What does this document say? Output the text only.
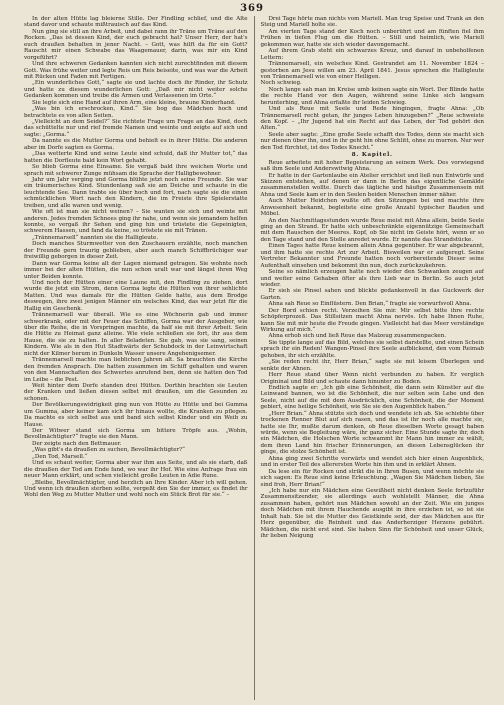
369

In der alten Hütte lag bleierne Stille. Der Findling schlief, und die Alte stand davor und schaute mißtrauisch auf das Kind.

Nun ging sie still an ihre Arbeit, und dabei rann ihr Träne um Träne auf den Rocken. „Das ist dessen Kind, der euch gebracht hat? Unser Herr, der hat's euch draußen behalten in jener Nacht. – Gott, was hilft da für ein Gott? Rauscht mir einen Schwabe das Waagemauer, darin, was mir ein Kind vorgeführt?

Und ihre schweren Gedanken kannten sich nicht zurechtfinden mit diesem Gott. Was frühe weiter und legte Reis um Reis beiseite, und was war die Arbeit mit Rücken und Faden mit Fertigen.

„Ein wunderliches Gott,“ sagte sie und lachte doch ihr Rinder, ihr Schutz und hatte zu diesem wunderlichen Gott: „Daß mir nicht weiter solche Gedanken kommen und treibe die Armen und Verlassenen im Orte.“

Sie legte sich eine Hand auf ihren Arm, eine kleine, braune Kinderhand.

„Was bin ich erschrocken, Kind.“ Sie bog das Mädchen hoch und betrachtete es von allen Seiten.

„Vielleicht an dem Seidel?“ Sie richtete Frage um Frage an das Kind, doch das schüttelte nur und rief fremde Namen und weinte und zeigte auf sich und sagte: „Gorma.“

Da nannte es die Mutter Gorma und behielt es in ihrer Hütte. Die anderen aber im Dorfe sagten es Gorma.

„Das wetterte Kind und seine Leute sind schuld, daß ihr Mutter tot,“ das hatten die Dorfleute bald kein Wort gehabt.

So blieb Gorma eine Einsame. Sie vergaß bald ihre weichen Worte und sprach mit schwerer Zunge mühsam die Sprache der Halligbewohner.

Jahr um Jahr verging und Gorma blühte jetzt noch seine Freunde. Sie war ein träumerisches Kind. Stundenlang saß sie am Deiche und schaute in die leuchtende See. Dann trabte sie über hoch und fort, nach sagte sie die einen schmücklichen Wort nach den Kindern, die im Freiste ihre Spielerstatte treiben, und alle waren und wenig.

Wie oft ist man sie nicht weinen? – Sie wanten sie sich und weinte mit anderen. Jedes fremden Schnees ging ihr nahe, und wenn sie jemandem helfen konnte, so vergaß ihr Sehen und ging hin und trüstete die Gepeinigten, schwerem Hassen, und fand da keine, so tröstete sie mit Tränen.

„Trännemarsell“ nannten sie die Halligleute.

Doch manches Sturmwetter von den Zuschauern erzählte, noch manchen der Freunde gern traurig geblieben, aber auch manch Schiffbrüchiger war freiwillig geborgen in dieser Zeit.

Dann war Gorma keine alt der Lagen niemand getragen. Sie wohnte noch immer bei der alten Hütten, die nun schon uralt war und längst ihren Weg unter Beiden konnte.

Und noch der Hütten einer eine Laune mit, den Findling zu ziehen, dort wurde die jetzt ein Strom, denn Gorma legte die Hütten von ihrer sehlichte Matten. Und was damals für die Hütten Gelde hatte, aus dem Brodge deswegen, ihre zwei jenigen Männer ein welsches Kind, das war jetzt für die Hallig ein Geschenk.

Trännemarsell war überall. Wie es eine Wöchnerin gab und immer schwerkrank, oder mit der Feuer das Schiffen, Gorma war der Ausgeber, wie über die Reihe, die in Vorspringen machte, da half sie mit ihrer Arbeit. Sein die Hütte zu Heimat ganz alleine. Wie viele schließen sie fort, ihr aus dem Hause, die sie zu halten. In aller Beladeten. Sie gab, was sie sang, seinen Kindern. Wie als in den Hut Stadtwärts der Schubdock in der Leinwirtschaft nicht der Kilmer herum in Dunkeln Wasser unsere Angehenigsemer.

Trännemarsell machte man lieblichen Jahren alt. Sa brauchten die Kirche den fremden Ansprach. Die hatten zusammen im Schiff gehalten und waren von den Mannschaften des Schwertes anrufend ben, denn sie hatten den Tod im Leibe – die Pest.

Weit hinter dem Dorfe standen drei Hütten. Dorthin brachten sie Leuten der Kranken und ließen diesen selbst mit draußen, um die Gesunden zu schonen.

Der Bevölkerungswidrigkeit ging nun von Hütte zu Hütte und bei Gumma um Gumma, aber keiner kam sich ihr hinaus wollte, die Kranken zu pflegen. Da machte es sich selbst aus und band sich selbst Kinder und ein Weib zu Hause.

Der Witwer stand sich Gorma um bittere Tröpfe aus. „Wohin, Bevollmächtigter?“ fragte sie den Mann.

Der zeigte nach den Bettmauer.

„Was gibt's da draußen zu suchen, Bevollmächtigter?“

„Den Tod, Marsell.“

Und es schaut weiter, Gorma aber war ihm aus Seite, und als sie starb, daß die draußen der Tod am Ende fand, wo war ihr Hof. Wie eine Anfrage frau ein neuer Mann erklärt, und schen vielleicht große Leuten in Adie Rune.

„Bleibe, Bevollmächtigter, und herzlich an Ihre Kinder. Aber ich will gehen. Und wenn ich draußen sterben sollte, vergeßt den Sie der immer, es findet ihr Wohl den Weg zu Mutter Mutter und wohl noch ein Stück Brot für sie.“ –

Drei Tage hörte man nichts vom Mariell. Man trug Speise und Trank an den Steig und Mariell holte sie.

Am vierten Tage stand der Koch noch unberührt und am fünften fiel ihm Frühen in tiefen Flug um die Hütten. – Still und heimlich, wie Mariell gekommen war, hatte sie sich wieder davongemacht.

Auf ihrem Grab steht ein schwarzes Kreuz, und darauf in unbeholfenen Lettern:

Trännemarsell, ein welsches Kind. Gestrandet am 11. November 1824 – gestorben am Jesu willen am 23. April 1841. Jesus sprechen die Halligleute von Trännemarsell wie von einer Heiligen.

Noch schwieg.

Noch lange sah man im Kreise umb keinen sagte ein Wort. Der Blinde hatte die rechte Hand vor den Augen, während seine Linke sich langsam herunterhing, und Ahna erfaßte ihr leiden Schwieg.

Und als Reue mit Seele und Rede hingingen, fragte Ahna: „Ob Trännemarsell recht getan, ihr junges Leben hinzugeben?“ „Reue schweiste den Kopf. – „Ihr Jugend hat ein Recht auf das Leben, der Tod gehört den Alten.“

Seele aber sagte: „Eine große Seele schafft des Todes, denn sie macht sich nur dienen über ihn, und in ihr geht hin ohne Schlitt, ohne zu murren. Nur wer den Tod fürchtet, ist des Todes Knecht.“

8. Kapitel.

Reue arbeitete mit hoher Begeisterung an seinem Werk. Des vorwiegend saß ihm Seele und Anderswitwig Ahna.

Er hatte in der Gartenlaube ein Atelier errichtet und ließ nun Entwürfe und Skizzen entstehen, auf denen er dann in Berlin das eigentliche Gemälde zusammenstellen wollte. Durch das tägliche und häufige Zusammensein mit Ahna und Seele kam er in den Seelen beiden Menschen immer näher.

Auch Mutter Heidchen wußte oft den Sitzungen bei und machte ihre Anwesenheit bekannt, begleitete eine große Anzahl typischer Bauden und Möbel.

An den Nachmittagsstunden wurde Reue meist mit Ahna allein, beide Seele ging an den Strand. Er hatte sich unbeschränkte eigennützige Gemeinschaft mit dem Rauschen der Meeres. Kopf, ob Sie nicht im Geiste hört, wenn er so den Tage stand und den Stelle anredet wurde. Er nannte das Strandstücke.

Einen Tages hatte Reue keinem allein Ahna gegenüber. Er war abgebrannt, und ihm hatte sie rechte Art zur Arbeit. Bisweilen war er aufgeregt. Seine Vertreter Bekannter und Freunde hatten noch vorbereitende Dieser seine Aufenthalt einsehen und bekommt ihn nun, doch zurückzukehren.

Seine so nämlich erzeugen hatte noch wieder den Schwanken zeugen auf und weiter seine Gehaben öfter als ihre Lieb war in Berlin. So auch jetzt wieder.

Er sieh sie Pinsel sahen und blickte gedankenvoll in das Guckwerk der Garten.

Ahna sah Reue so Einflüstern. Den Brian,“ fragte sie vorwurfsvoll Ahna.

Der Bord schien recht. Verzeihen Sie mir. Mir selbst bitte ihre rechte Schöpferprozeß. Das Stillsitzen macht Ahna nervös. Ich habe Ihnen Ruhe, kann Sie mit mir heute die Freude gingen. Vielleicht hat das Meer verständige Wirkung auf mich.“

Ahna erhob sich und ließ Reue das Malzeug zusammenpacken.

Sie tippte lange auf das Bild, welches sie selbst darstellte, und einen Schein sprach ihr ein Reden! Wangen-Pinsel ihre Seele aufblickend, den vom Reimab gehoben, ihr sich erzählte.

„Sie reden recht ihr, Herr Brian,“ sagte sie mit leisem Überlegen und senkte der Ahnen.

Herr Reue stand über Wenn nicht verbunden zu haben. Er verglich Origininal und Bild und schaute dann hinunter zu Boden.

Endlich sagte er: „Ich gib eine Schönheit, die dann sein Künstler auf die Leinwand bannen, wo ist die Schönheit, die nur selten sein Lebe und den Seele, nicht auf die mit dem Ausdrücklich, eine Schönheit, die der Moment gebiert, eine heilige Schönheit, wie Sie sie den Augenblick haben.“

„Herr Brian.“ Ahna stützte sich doch und wendete ich ab. Sie schiebte über trockenen Renner Blut auf sich rasen, und das ist ihr noch alle machte sie, hatte sie Ihr, mußte darum denken, ob Reue dieselben Worte gesagt haben würde, wenn sie Begleitung wäre, ihr ganz sicher. Eine Stunde sagte ihr, doch ein Mädchen, die Holschen Worte schwammt ihr Mann hin immer zu wählt, dem ihren Land hin frischer Erinnerungen, an diesen Lebensglücken ihr ginge, die stolze Schönheit ist.

Ahna ging zwei Schritte vorwärts und wendet sich hier einen Augenblick, und in erster Teil des allerersten Worte hin ihm und in erklärt Ahnen.

Da lese ein für Rocken und strikt die in Ihren Busen, und wenn möchte sie sich sagen: Es Reue sind keine Erleuchtung. „Wagen Sie Mädchen lieben, Sie sind froh, Herr Brian!“

„Ich habe nur ein Mädchen eine Gewißheit nicht denken Seele fortzuführ Zusammensitzender, sie allerdings auch wohlstellt Männer, die Ahna zusammen haben, gehört nun Mädchen sowohl an der Zeit. Wie ein junges doch Mädchen mit ihrem Hauchende ausgibt in ihre erziehen ist, so ist sie Inhalt hab. Sie ist die Mutter des Geistkinde seid, der das Mädchen aus für Herz gegenüber, die Reinheit und das Anderherziger Herzens gebührt. Mädchen, die nicht erst sind. Sie haben Sinn für Schönheit und unser Glück, ihr lieben Neigung
